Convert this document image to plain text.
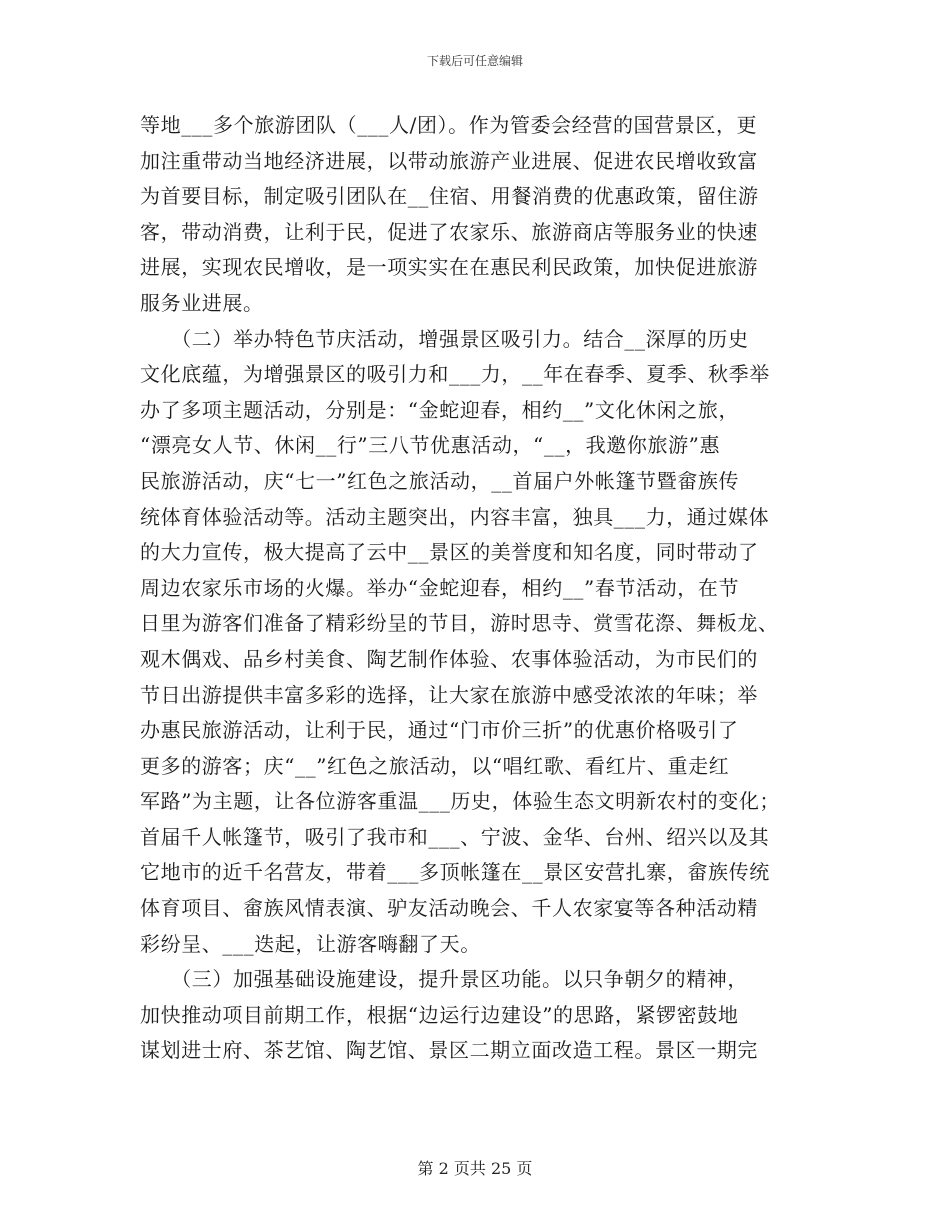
下载后可任意编辑
等地___多个旅游团队（___人/团）。作为管委会经营的国营景区，更
加注重带动当地经济进展，以带动旅游产业进展、促进农民增收致富
为首要目标，制定吸引团队在__住宿、用餐消费的优惠政策，留住游
客，带动消费，让利于民，促进了农家乐、旅游商店等服务业的快速
进展，实现农民增收，是一项实实在在惠民利民政策，加快促进旅游
服务业进展。
　　（二）举办特色节庆活动，增强景区吸引力。结合__深厚的历史
文化底蕴，为增强景区的吸引力和___力，__年在春季、夏季、秋季举
办了多项主题活动，分别是：“金蛇迎春，相约__”文化休闲之旅，
“漂亮女人节、休闲__行”三八节优惠活动，“__，我邀你旅游”惠
民旅游活动，庆“七一”红色之旅活动，__首届户外帐篷节暨畲族传
统体育体验活动等。活动主题突出，内容丰富，独具___力，通过媒体
的大力宣传，极大提高了云中__景区的美誉度和知名度，同时带动了
周边农家乐市场的火爆。举办“金蛇迎春，相约__”春节活动，在节
日里为游客们准备了精彩纷呈的节目，游时思寺、赏雪花漈、舞板龙、
观木偶戏、品乡村美食、陶艺制作体验、农事体验活动，为市民们的
节日出游提供丰富多彩的选择，让大家在旅游中感受浓浓的年味；举
办惠民旅游活动，让利于民，通过“门市价三折”的优惠价格吸引了
更多的游客；庆“__”红色之旅活动，以“唱红歌、看红片、重走红
军路”为主题，让各位游客重温___历史，体验生态文明新农村的变化；
首届千人帐篷节，吸引了我市和___、宁波、金华、台州、绍兴以及其
它地市的近千名营友，带着___多顶帐篷在__景区安营扎寨，畲族传统
体育项目、畲族风情表演、驴友活动晚会、千人农家宴等各种活动精
彩纷呈、___迭起，让游客嗨翻了天。
　　（三）加强基础设施建设，提升景区功能。以只争朝夕的精神，
加快推动项目前期工作，根据“边运行边建设”的思路，紧锣密鼓地
谋划进士府、茶艺馆、陶艺馆、景区二期立面改造工程。景区一期完
第 2 页共 25 页
